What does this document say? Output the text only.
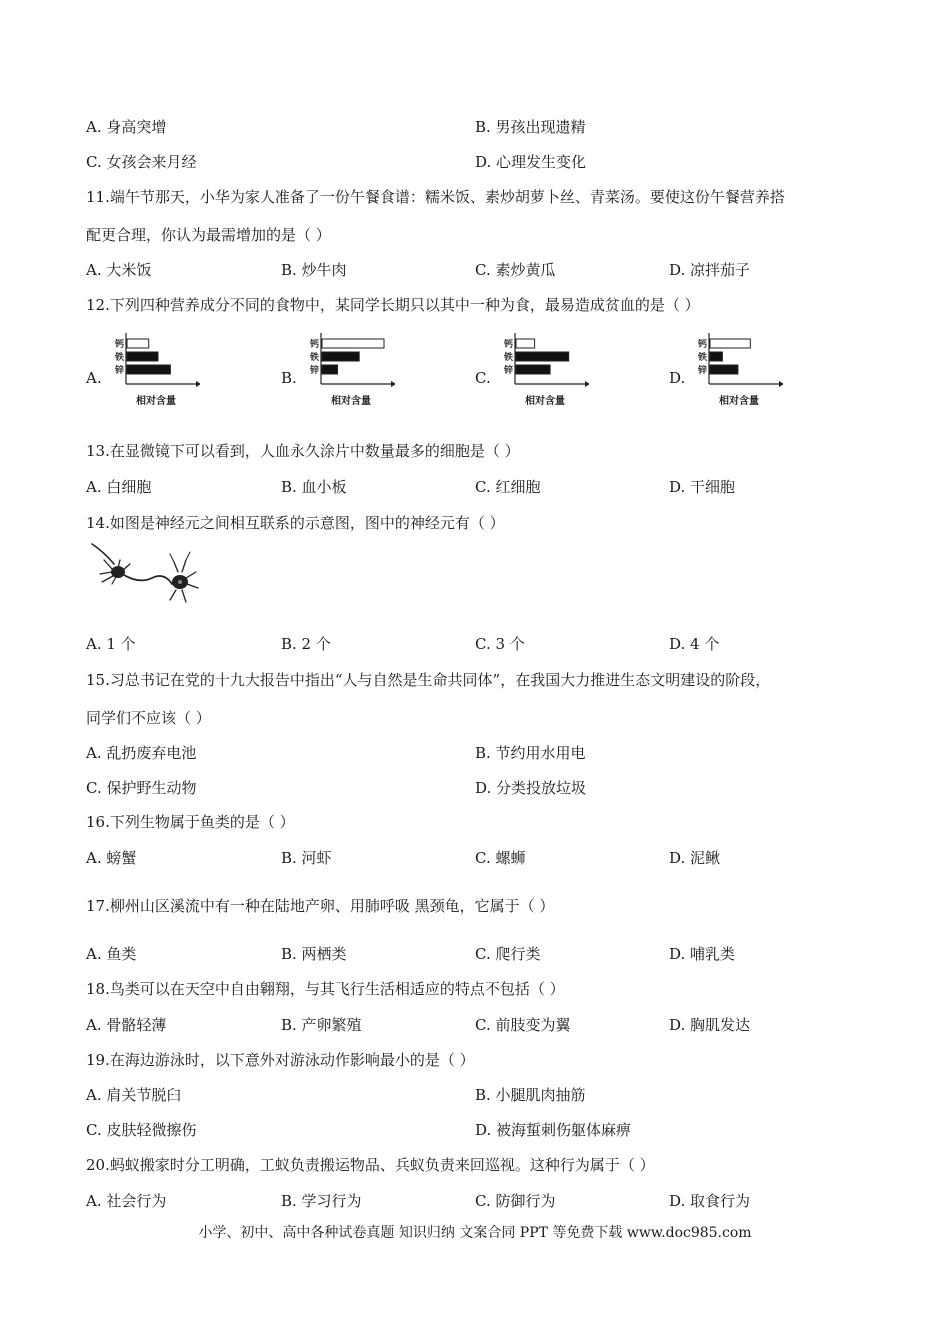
A. 身高突增	B. 男孩出现遗精
C. 女孩会来月经	D. 心理发生变化
11.端午节那天，小华为家人准备了一份午餐食谱：糯米饭、素炒胡萝卜丝、青菜汤。要使这份午餐营养搭
配更合理，你认为最需增加的是（ ）
A. 大米饭	B. 炒牛肉	C. 素炒黄瓜	D. 凉拌茄子
12.下列四种营养成分不同的食物中，某同学长期只以其中一种为食，最易造成贫血的是（ ）
A.
钙
铁
锌
相对含量
B.
钙
铁
锌
相对含量
C.
钙
铁
锌
相对含量
D.
钙
铁
锌
相对含量
13.在显微镜下可以看到，人血永久涂片中数量最多的细胞是（ ）
A. 白细胞	B. 血小板	C. 红细胞	D. 干细胞
14.如图是神经元之间相互联系的示意图，图中的神经元有（ ）
A. 1 个	B. 2 个	C. 3 个	D. 4 个
15.习总书记在党的十九大报告中指出“人与自然是生命共同体”，在我国大力推进生态文明建设的阶段，
同学们不应该（ ）
A. 乱扔废弃电池	B. 节约用水用电
C. 保护野生动物	D. 分类投放垃圾
16.下列生物属于鱼类的是（ ）
A. 螃蟹	B. 河虾	C. 螺蛳	D. 泥鳅
17.柳州山区溪流中有一种在陆地产卵、用肺呼吸 黑颈龟，它属于（ ）
A. 鱼类	B. 两栖类	C. 爬行类	D. 哺乳类
18.鸟类可以在天空中自由翱翔，与其飞行生活相适应的特点不包括（ ）
A. 骨骼轻薄	B. 产卵繁殖	C. 前肢变为翼	D. 胸肌发达
19.在海边游泳时，以下意外对游泳动作影响最小的是（ ）
A. 肩关节脱臼	B. 小腿肌肉抽筋
C. 皮肤轻微擦伤	D. 被海蜇刺伤躯体麻痹
20.蚂蚁搬家时分工明确，工蚁负责搬运物品、兵蚁负责来回巡视。这种行为属于（ ）
A. 社会行为	B. 学习行为	C. 防御行为	D. 取食行为
小学、初中、高中各种试卷真题 知识归纳 文案合同 PPT 等免费下载 www.doc985.com
